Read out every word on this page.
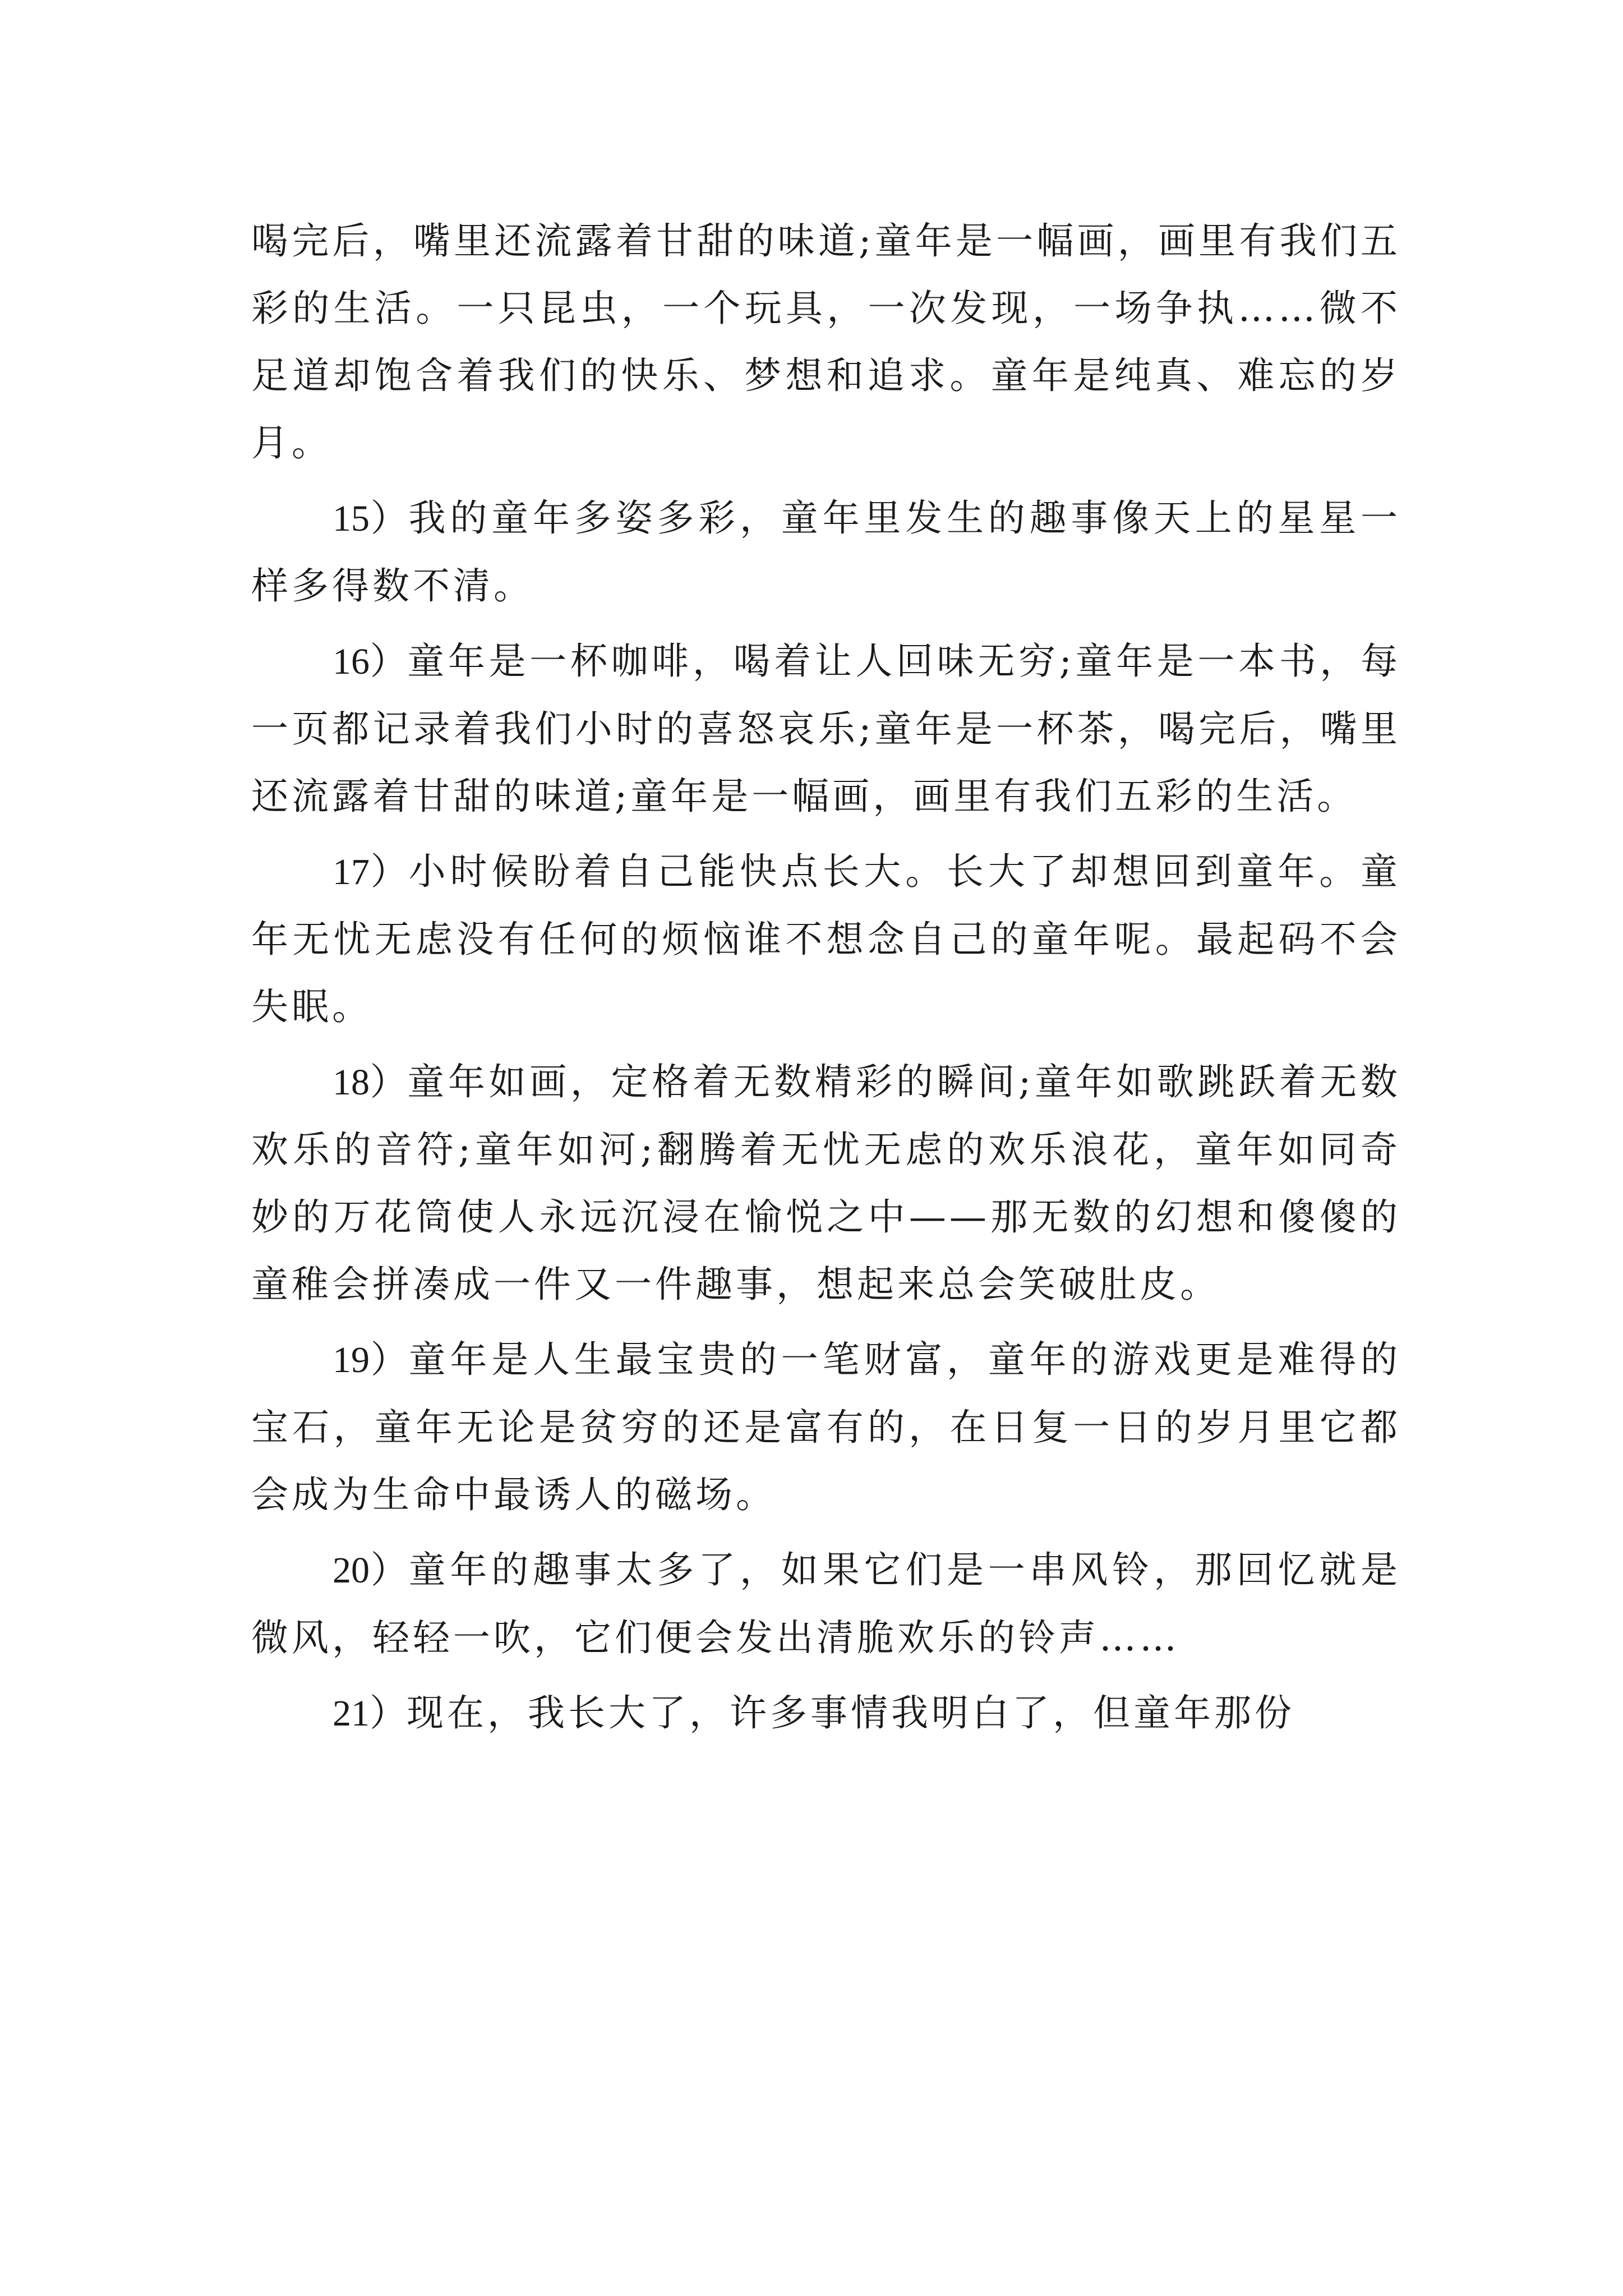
喝完后，嘴里还流露着甘甜的味道;童年是一幅画，画里有我们五彩的生活。一只昆虫，一个玩具，一次发现，一场争执……微不足道却饱含着我们的快乐、梦想和追求。童年是纯真、难忘的岁月。

15）我的童年多姿多彩，童年里发生的趣事像天上的星星一样多得数不清。

16）童年是一杯咖啡，喝着让人回味无穷;童年是一本书，每一页都记录着我们小时的喜怒哀乐;童年是一杯茶，喝完后，嘴里还流露着甘甜的味道;童年是一幅画，画里有我们五彩的生活。

17）小时候盼着自己能快点长大。长大了却想回到童年。童年无忧无虑没有任何的烦恼谁不想念自己的童年呢。最起码不会失眠。

18）童年如画，定格着无数精彩的瞬间;童年如歌跳跃着无数欢乐的音符;童年如河;翻腾着无忧无虑的欢乐浪花，童年如同奇妙的万花筒使人永远沉浸在愉悦之中——那无数的幻想和傻傻的童稚会拼凑成一件又一件趣事，想起来总会笑破肚皮。

19）童年是人生最宝贵的一笔财富，童年的游戏更是难得的宝石，童年无论是贫穷的还是富有的，在日复一日的岁月里它都会成为生命中最诱人的磁场。

20）童年的趣事太多了，如果它们是一串风铃，那回忆就是微风，轻轻一吹，它们便会发出清脆欢乐的铃声……

21）现在，我长大了，许多事情我明白了，但童年那份
